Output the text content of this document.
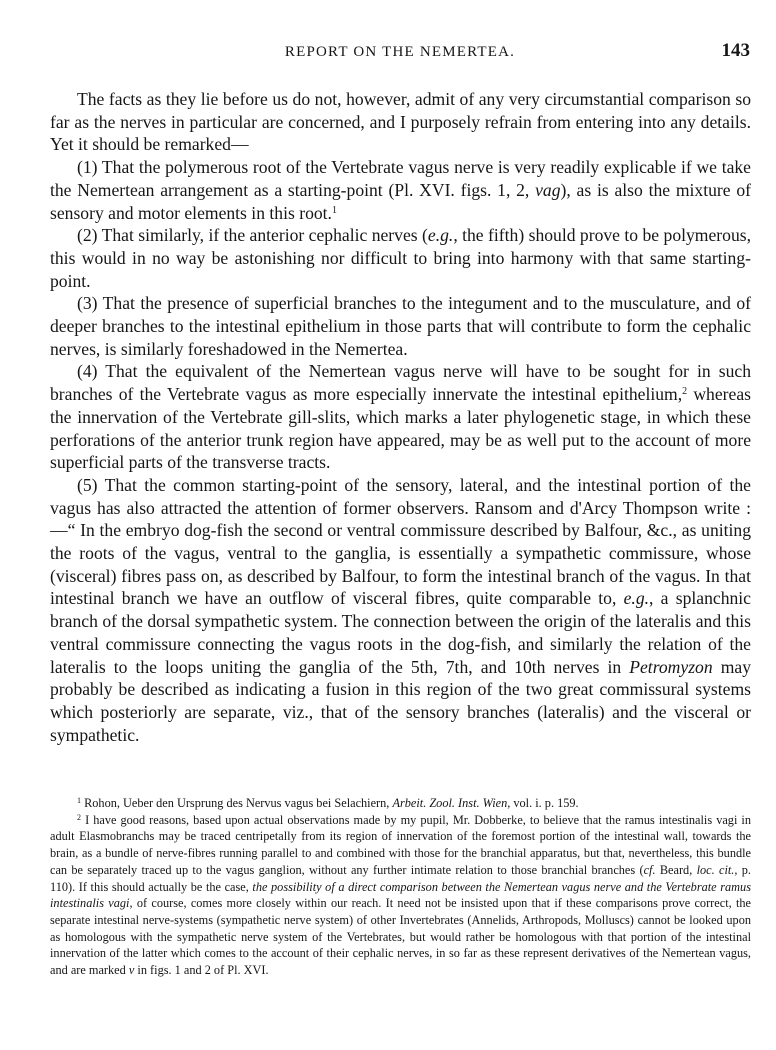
REPORT ON THE NEMERTEA.	143

The facts as they lie before us do not, however, admit of any very circumstantial comparison so far as the nerves in particular are concerned, and I purposely refrain from entering into any details. Yet it should be remarked—

(1) That the polymerous root of the Vertebrate vagus nerve is very readily explicable if we take the Nemertean arrangement as a starting-point (Pl. XVI. figs. 1, 2, vag), as is also the mixture of sensory and motor elements in this root.$^1$

(2) That similarly, if the anterior cephalic nerves (e.g., the fifth) should prove to be polymerous, this would in no way be astonishing nor difficult to bring into harmony with that same starting-point.

(3) That the presence of superficial branches to the integument and to the musculature, and of deeper branches to the intestinal epithelium in those parts that will contribute to form the cephalic nerves, is similarly foreshadowed in the Nemertea.

(4) That the equivalent of the Nemertean vagus nerve will have to be sought for in such branches of the Vertebrate vagus as more especially innervate the intestinal epithelium,$^2$ whereas the innervation of the Vertebrate gill-slits, which marks a later phylogenetic stage, in which these perforations of the anterior trunk region have appeared, may be as well put to the account of more superficial parts of the transverse tracts.

(5) That the common starting-point of the sensory, lateral, and the intestinal portion of the vagus has also attracted the attention of former observers. Ransom and d'Arcy Thompson write :—“ In the embryo dog-fish the second or ventral commissure described by Balfour, &c., as uniting the roots of the vagus, ventral to the ganglia, is essentially a sympathetic commissure, whose (visceral) fibres pass on, as described by Balfour, to form the intestinal branch of the vagus. In that intestinal branch we have an outflow of visceral fibres, quite comparable to, e.g., a splanchnic branch of the dorsal sympathetic system. The connection between the origin of the lateralis and this ventral commissure connecting the vagus roots in the dog-fish, and similarly the relation of the lateralis to the loops uniting the ganglia of the 5th, 7th, and 10th nerves in Petromyzon may probably be described as indicating a fusion in this region of the two great commissural systems which posteriorly are separate, viz., that of the sensory branches (lateralis) and the visceral or sympathetic.

$^1$ Rohon, Ueber den Ursprung des Nervus vagus bei Selachiern, Arbeit. Zool. Inst. Wien, vol. i. p. 159.

$^2$ I have good reasons, based upon actual observations made by my pupil, Mr. Dobberke, to believe that the ramus intestinalis vagi in adult Elasmobranchs may be traced centripetally from its region of innervation of the foremost portion of the intestinal wall, towards the brain, as a bundle of nerve-fibres running parallel to and combined with those for the branchial apparatus, but that, nevertheless, this bundle can be separately traced up to the vagus ganglion, without any further intimate relation to those branchial branches (cf. Beard, loc. cit., p. 110). If this should actually be the case, the possibility of a direct comparison between the Nemertean vagus nerve and the Vertebrate ramus intestinalis vagi, of course, comes more closely within our reach. It need not be insisted upon that if these comparisons prove correct, the separate intestinal nerve-systems (sympathetic nerve system) of other Invertebrates (Annelids, Arthropods, Molluscs) cannot be looked upon as homologous with the sympathetic nerve system of the Vertebrates, but would rather be homologous with that portion of the intestinal innervation of the latter which comes to the account of their cephalic nerves, in so far as these represent derivatives of the Nemertean vagus, and are marked v in figs. 1 and 2 of Pl. XVI.
